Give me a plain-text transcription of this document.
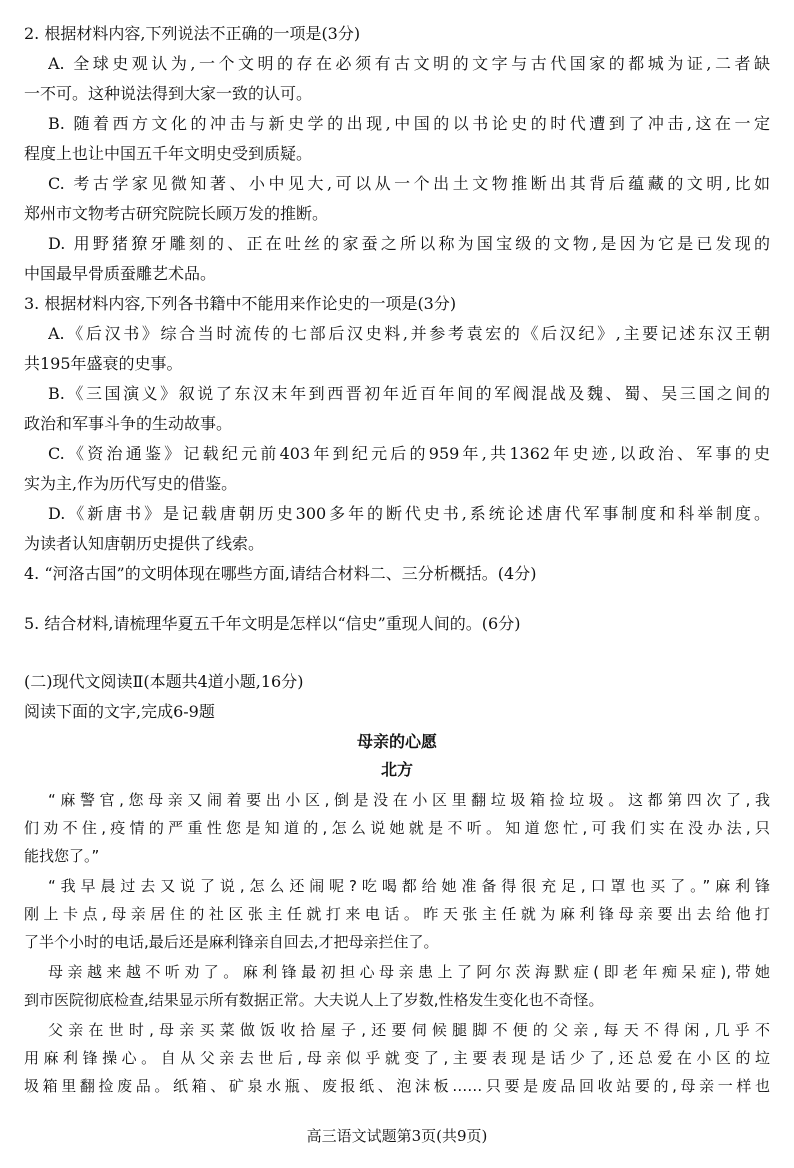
2. 根据材料内容,下列说法不正确的一项是(3分)
A. 全球史观认为,一个文明的存在必须有古文明的文字与古代国家的都城为证,二者缺
一不可。这种说法得到大家一致的认可。
B. 随着西方文化的冲击与新史学的出现,中国的以书论史的时代遭到了冲击,这在一定
程度上也让中国五千年文明史受到质疑。
C. 考古学家见微知著、小中见大,可以从一个出土文物推断出其背后蕴藏的文明,比如
郑州市文物考古研究院院长顾万发的推断。
D. 用野猪獠牙雕刻的、正在吐丝的家蚕之所以称为国宝级的文物,是因为它是已发现的
中国最早骨质蚕雕艺术品。
3. 根据材料内容,下列各书籍中不能用来作论史的一项是(3分)
A.《后汉书》综合当时流传的七部后汉史料,并参考袁宏的《后汉纪》,主要记述东汉王朝
共195年盛衰的史事。
B.《三国演义》叙说了东汉末年到西晋初年近百年间的军阀混战及魏、蜀、吴三国之间的
政治和军事斗争的生动故事。
C.《资治通鉴》记载纪元前403年到纪元后的959年,共1362年史迹,以政治、军事的史
实为主,作为历代写史的借鉴。
D.《新唐书》是记载唐朝历史300多年的断代史书,系统论述唐代军事制度和科举制度。
为读者认知唐朝历史提供了线索。
4. “河洛古国”的文明体现在哪些方面,请结合材料二、三分析概括。(4分)
5. 结合材料,请梳理华夏五千年文明是怎样以“信史”重现人间的。(6分)
(二)现代文阅读Ⅱ(本题共4道小题,16分)
阅读下面的文字,完成6-9题
母亲的心愿
北方
“麻警官,您母亲又闹着要出小区,倒是没在小区里翻垃圾箱捡垃圾。这都第四次了,我
们劝不住,疫情的严重性您是知道的,怎么说她就是不听。知道您忙,可我们实在没办法,只
能找您了。”
“我早晨过去又说了说,怎么还闹呢?吃喝都给她准备得很充足,口罩也买了。”麻利锋
刚上卡点,母亲居住的社区张主任就打来电话。昨天张主任就为麻利锋母亲要出去给他打
了半个小时的电话,最后还是麻利锋亲自回去,才把母亲拦住了。
母亲越来越不听劝了。麻利锋最初担心母亲患上了阿尔茨海默症(即老年痴呆症),带她
到市医院彻底检查,结果显示所有数据正常。大夫说人上了岁数,性格发生变化也不奇怪。
父亲在世时,母亲买菜做饭收拾屋子,还要伺候腿脚不便的父亲,每天不得闲,几乎不
用麻利锋操心。自从父亲去世后,母亲似乎就变了,主要表现是话少了,还总爱在小区的垃
圾箱里翻捡废品。纸箱、矿泉水瓶、废报纸、泡沫板……只要是废品回收站要的,母亲一样也
高三语文试题第3页(共9页)
